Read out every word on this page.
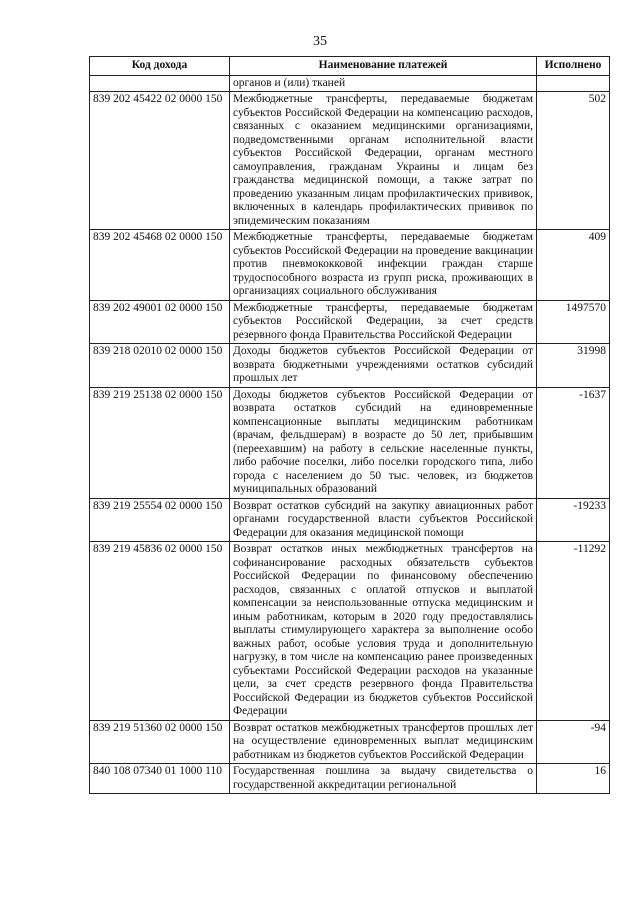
35
Код дохода	Наименование платежей	Исполнено
	органов и (или) тканей	
839 202 45422 02 0000 150	Межбюджетные трансферты, передаваемые бюджетам субъектов Российской Федерации на компенсацию расходов, связанных с оказанием медицинскими организациями, подведомственными органам исполнительной власти субъектов Российской Федерации, органам местного самоуправления, гражданам Украины и лицам без гражданства медицинской помощи, а также затрат по проведению указанным лицам профилактических прививок, включенных в календарь профилактических прививок по эпидемическим показаниям	502
839 202 45468 02 0000 150	Межбюджетные трансферты, передаваемые бюджетам субъектов Российской Федерации на проведение вакцинации против пневмококковой инфекции граждан старше трудоспособного возраста из групп риска, проживающих в организациях социального обслуживания	409
839 202 49001 02 0000 150	Межбюджетные трансферты, передаваемые бюджетам субъектов Российской Федерации, за счет средств резервного фонда Правительства Российской Федерации	1497570
839 218 02010 02 0000 150	Доходы бюджетов субъектов Российской Федерации от возврата бюджетными учреждениями остатков субсидий прошлых лет	31998
839 219 25138 02 0000 150	Доходы бюджетов субъектов Российской Федерации от возврата остатков субсидий на единовременные компенсационные выплаты медицинским работникам (врачам, фельдшерам) в возрасте до 50 лет, прибывшим (переехавшим) на работу в сельские населенные пункты, либо рабочие поселки, либо поселки городского типа, либо города с населением до 50 тыс. человек, из бюджетов муниципальных образований	-1637
839 219 25554 02 0000 150	Возврат остатков субсидий на закупку авиационных работ органами государственной власти субъектов Российской Федерации для оказания медицинской помощи	-19233
839 219 45836 02 0000 150	Возврат остатков иных межбюджетных трансфертов на софинансирование расходных обязательств субъектов Российской Федерации по финансовому обеспечению расходов, связанных с оплатой отпусков и выплатой компенсации за неиспользованные отпуска медицинским и иным работникам, которым в 2020 году предоставлялись выплаты стимулирующего характера за выполнение особо важных работ, особые условия труда и дополнительную нагрузку, в том числе на компенсацию ранее произведенных субъектами Российской Федерации расходов на указанные цели, за счет средств резервного фонда Правительства Российской Федерации из бюджетов субъектов Российской Федерации	-11292
839 219 51360 02 0000 150	Возврат остатков межбюджетных трансфертов прошлых лет на осуществление единовременных выплат медицинским работникам из бюджетов субъектов Российской Федерации	-94
840 108 07340 01 1000 110	Государственная пошлина за выдачу свидетельства о государственной аккредитации региональной	16
